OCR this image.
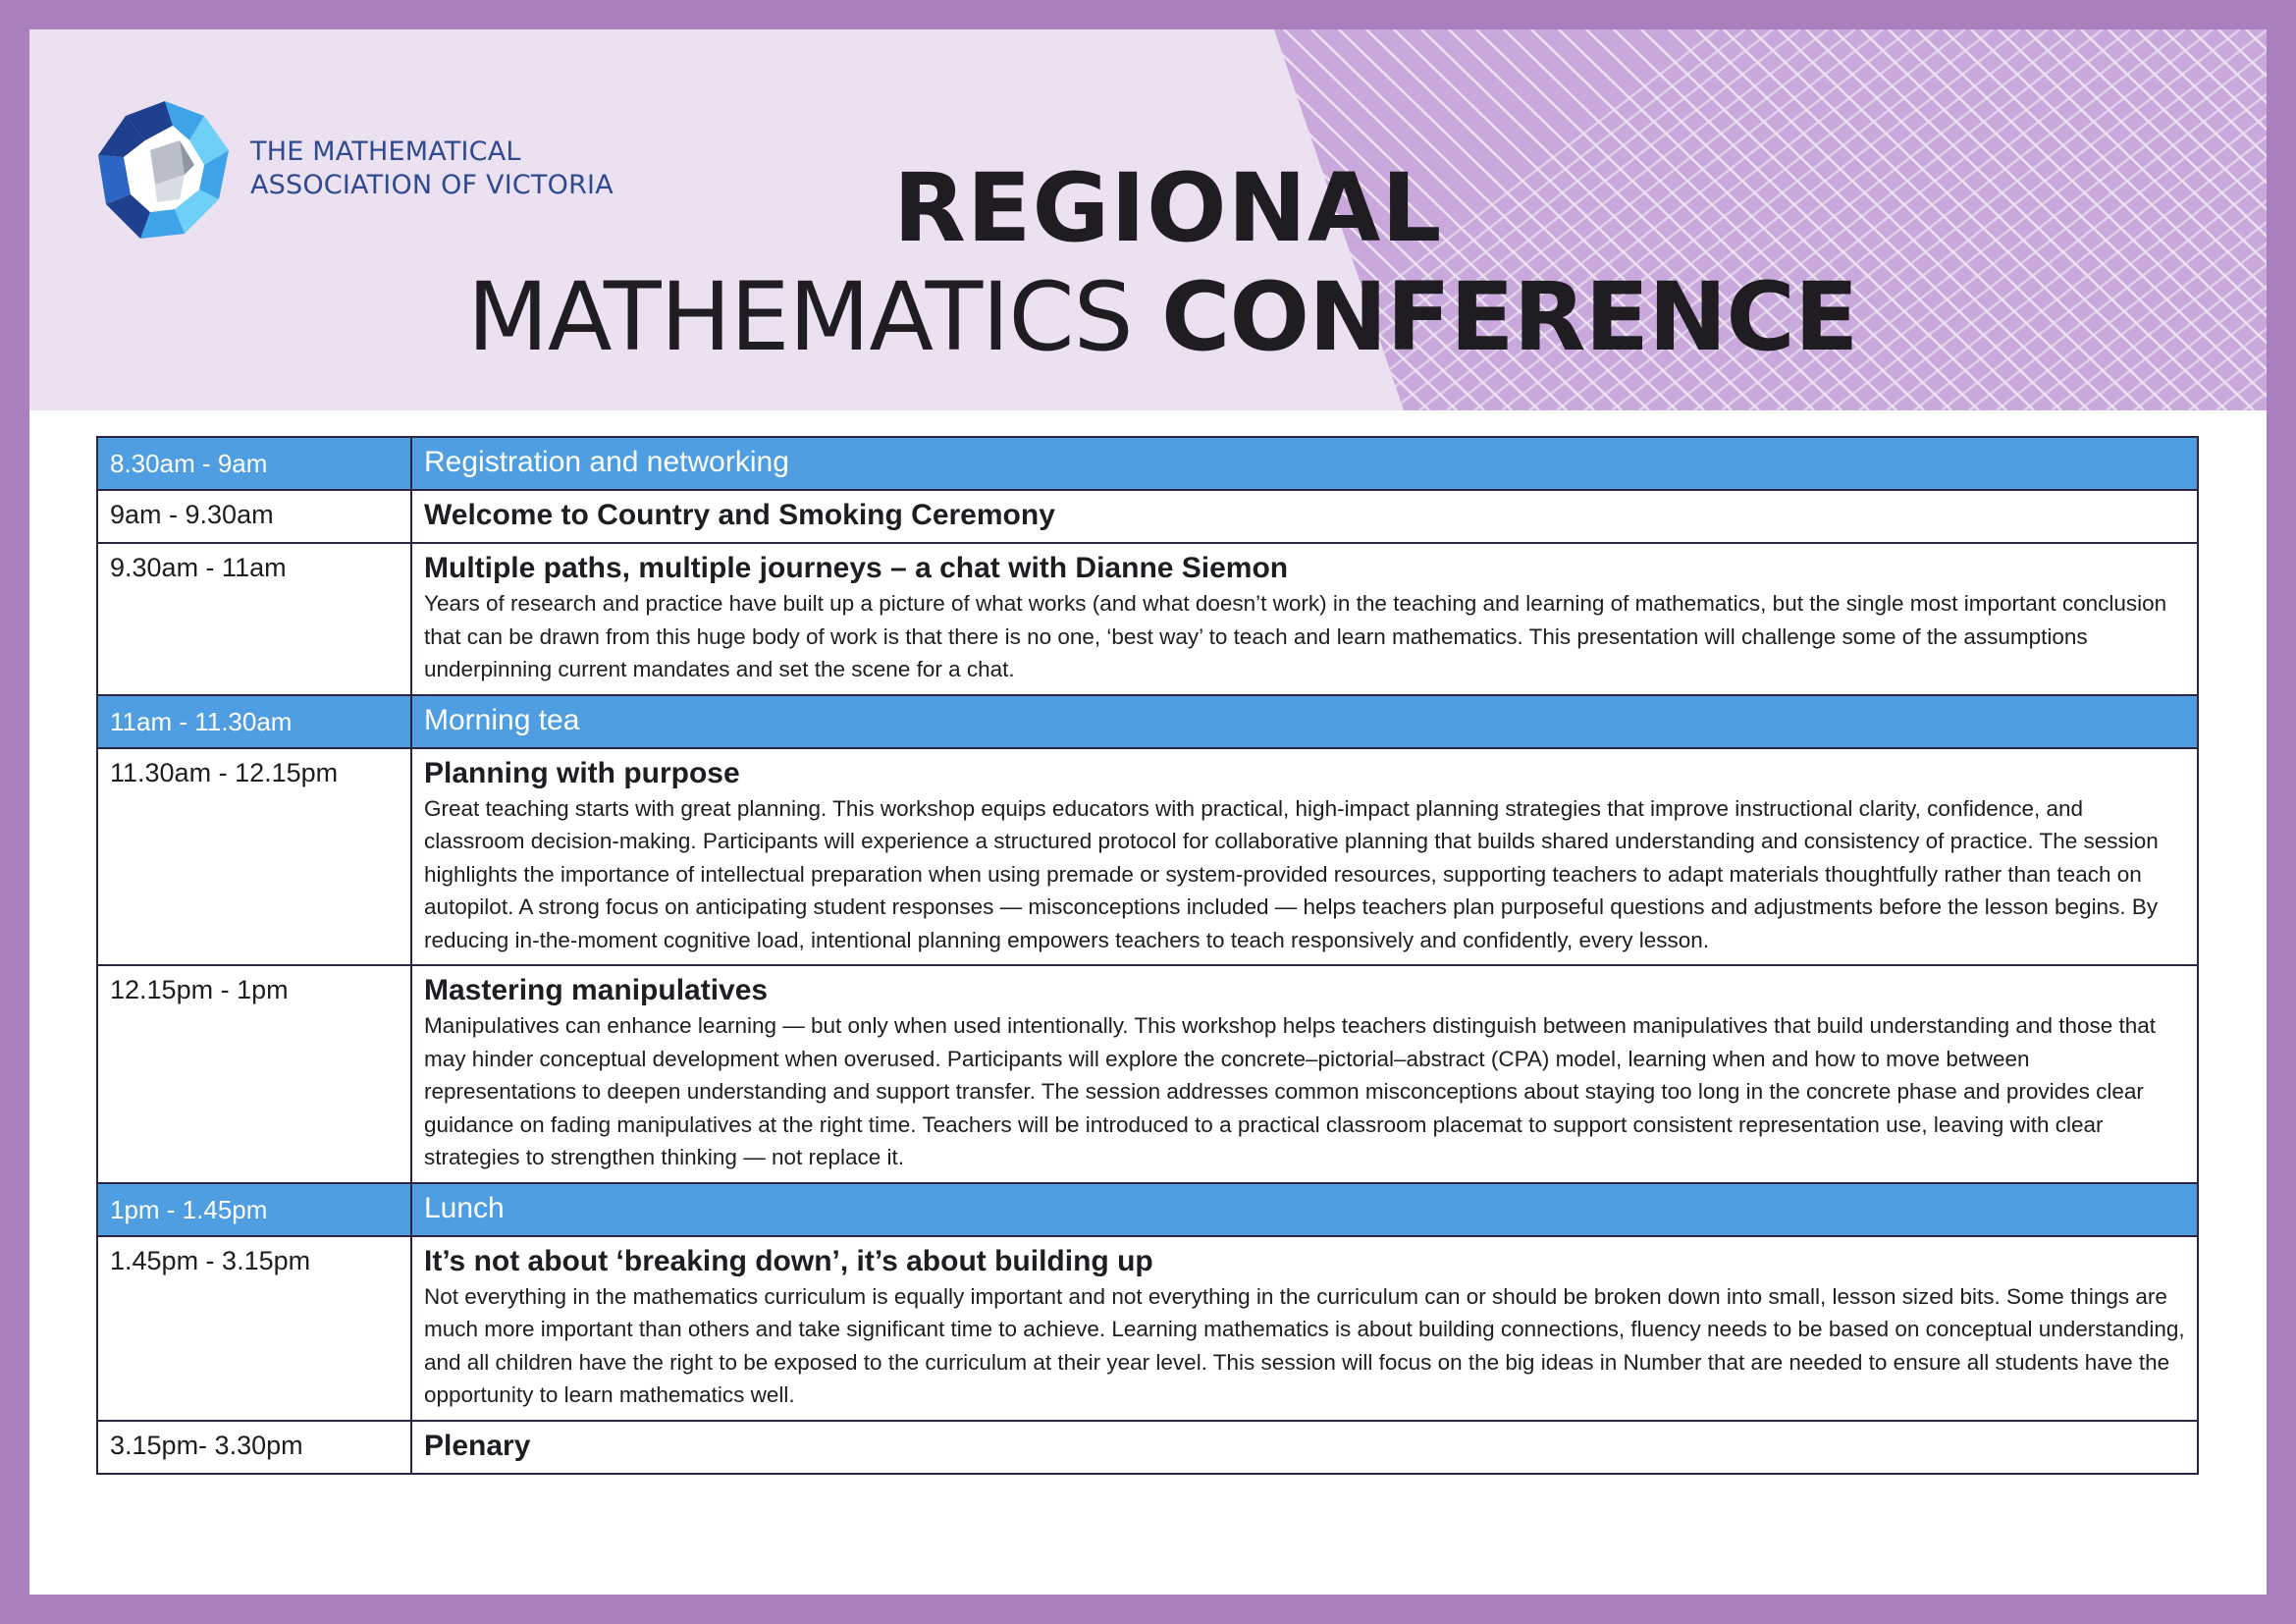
THE MATHEMATICAL
ASSOCIATION OF VICTORIA	REGIONAL
MATHEMATICS CONFERENCE
8.30am - 9am	Registration and networking

9am - 9.30am	Welcome to Country and Smoking Ceremony

9.30am - 11am	Multiple paths, multiple journeys – a chat with Dianne Siemon
Years of research and practice have built up a picture of what works (and what doesn’t work) in the teaching and learning of mathematics, but the single most important conclusion that can be drawn from this huge body of work is that there is no one, ‘best way’ to teach and learn mathematics. This presentation will challenge some of the assumptions underpinning current mandates and set the scene for a chat.

11am - 11.30am	Morning tea

11.30am - 12.15pm	Planning with purpose
Great teaching starts with great planning. This workshop equips educators with practical, high-impact planning strategies that improve instructional clarity, confidence, and classroom decision-making. Participants will experience a structured protocol for collaborative planning that builds shared understanding and consistency of practice. The session highlights the importance of intellectual preparation when using premade or system-provided resources, supporting teachers to adapt materials thoughtfully rather than teach on autopilot. A strong focus on anticipating student responses — misconceptions included — helps teachers plan purposeful questions and adjustments before the lesson begins. By reducing in-the-moment cognitive load, intentional planning empowers teachers to teach responsively and confidently, every lesson.

12.15pm - 1pm	Mastering manipulatives
Manipulatives can enhance learning — but only when used intentionally. This workshop helps teachers distinguish between manipulatives that build understanding and those that may hinder conceptual development when overused. Participants will explore the concrete–pictorial–abstract (CPA) model, learning when and how to move between representations to deepen understanding and support transfer. The session addresses common misconceptions about staying too long in the concrete phase and provides clear guidance on fading manipulatives at the right time. Teachers will be introduced to a practical classroom placemat to support consistent representation use, leaving with clear strategies to strengthen thinking — not replace it.

1pm - 1.45pm	Lunch

1.45pm - 3.15pm	It’s not about ‘breaking down’, it’s about building up
Not everything in the mathematics curriculum is equally important and not everything in the curriculum can or should be broken down into small, lesson sized bits. Some things are much more important than others and take significant time to achieve. Learning mathematics is about building connections, fluency needs to be based on conceptual understanding, and all children have the right to be exposed to the curriculum at their year level. This session will focus on the big ideas in Number that are needed to ensure all students have the opportunity to learn mathematics well.

3.15pm- 3.30pm	Plenary
